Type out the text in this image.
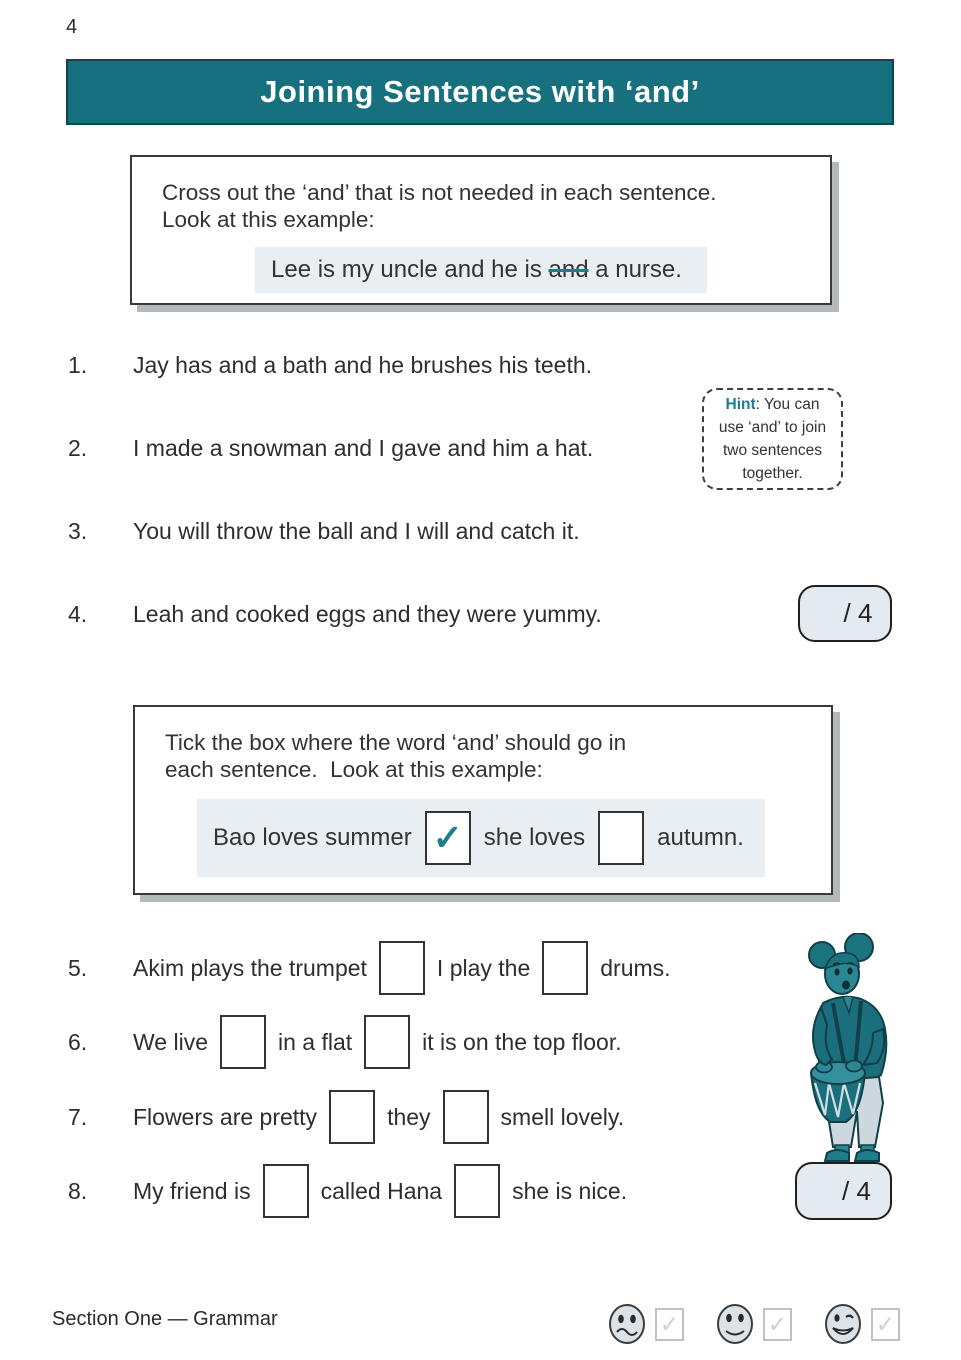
4
Joining Sentences with ‘and’
Cross out the ‘and’ that is not needed in each sentence.
Look at this example:
Lee is my uncle and he is and a nurse.
1.	Jay has and a bath and he brushes his teeth.
2.	I made a snowman and I gave and him a hat.
3.	You will throw the ball and I will and catch it.
4.	Leah and cooked eggs and they were yummy.
Hint: You can use ‘and’ to join two sentences together.
/ 4
Tick the box where the word ‘and’ should go in
each sentence.  Look at this example:
Bao loves summer ✓ she loves	autumn.
5.	Akim plays the trumpet	I play the	drums.
6.	We live	in a flat	it is on the top floor.
7.	Flowers are pretty	they	smell lovely.
8.	My friend is	called Hana	she is nice.	/ 4
Section One — Grammar	✓	✓	✓
